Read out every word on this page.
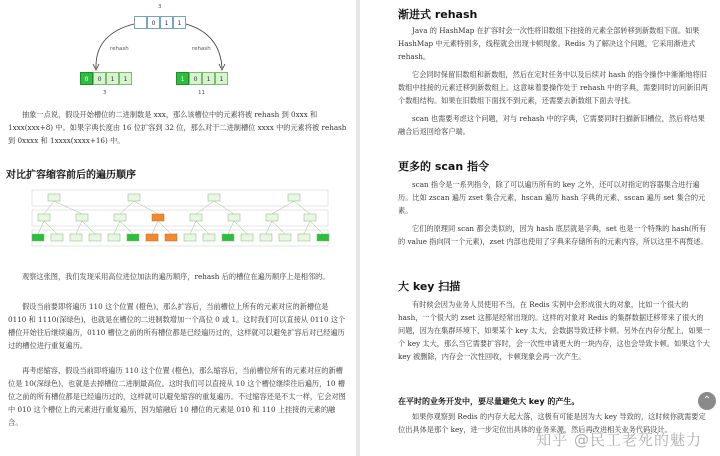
3
0	1	1
rehash	rehash
0	0	1	1
3
1	0	1	1
11

抽象一点说，假设开始槽位的二进制数是 xxx，那么该槽位中的元素将被 rehash 到 0xxx 和 1xxx(xxx+8) 中。如果字典长度由 16 位扩容到 32 位，那么对于二进制槽位 xxxx 中的元素将被 rehash 到 0xxxx 和 1xxxx(xxxx+16) 中。

对比扩容缩容前后的遍历顺序

观察这张图，我们发现采用高位进位加法的遍历顺序，rehash 后的槽位在遍历顺序上是相邻的。

假设当前要即将遍历 110 这个位置 (橙色)，那么扩容后，当前槽位上所有的元素对应的新槽位是 0110 和 1110(深绿色)，也就是在槽位的二进制数增加一个高位 0 或 1。这时我们可以直接从 0110 这个槽位开始往后继续遍历，0110 槽位之前的所有槽位都是已经遍历过的，这样就可以避免扩容后对已经遍历过的槽位进行重复遍历。

再考虑缩容，假设当前即将遍历 110 这个位置 (橙色)，那么缩容后，当前槽位所有的元素对应的新槽位是 10(深绿色)，也就是去掉槽位二进制最高位。这时我们可以直接从 10 这个槽位继续往后遍历，10 槽位之前的所有槽位都是已经遍历过的，这样就可以避免缩容的重复遍历。不过缩容还是不太一样，它会对图中 010 这个槽位上的元素进行重复遍历，因为缩融后 10 槽位的元素是 010 和 110 上挂接的元素的融合。

渐进式 rehash

Java 的 HashMap 在扩容时会一次性将旧数组下挂接的元素全部转移到新数组下面。如果 HashMap 中元素特别多，线程就会出现卡顿现象。Redis 为了解决这个问题，它采用渐进式 rehash。

它会同时保留旧数组和新数组，然后在定时任务中以及后续对 hash 的指令操作中渐渐地将旧数组中挂接的元素迁移到新数组上。这意味着要操作处于 rehash 中的字典，需要同时访问新旧两个数组结构。如果在旧数组下面找不到元素，还需要去新数组下面去寻找。

scan 也需要考虑这个问题，对与 rehash 中的字典，它需要同时扫描新旧槽位，然后将结果融合后返回给客户端。

更多的 scan 指令

scan 指令是一系列指令，除了可以遍历所有的 key 之外，还可以对指定的容器集合进行遍历。比如 zscan 遍历 zset 集合元素，hscan 遍历 hash 字典的元素、sscan 遍历 set 集合的元素。

它们的原理同 scan 都会类似的，因为 hash 底层就是字典，set 也是一个特殊的 hash(所有的 value 指向同一个元素)，zset 内部也使用了字典来存储所有的元素内容，所以这里不再赘述。

大 key 扫描

有时候会因为业务人员使用不当，在 Redis 实例中会形成很大的对象，比如一个很大的 hash，一个很大的 zset 这都是经常出现的。这样的对象对 Redis 的集群数据迁移带来了很大的问题，因为在集群环境下，如果某个 key 太大，会数据导致迁移卡顿。另外在内存分配上，如果一个 key 太大，那么当它需要扩容时，会一次性申请更大的一块内存，这也会导致卡顿。如果这个大 key 被删除，内存会一次性回收，卡顿现象会再一次产生。

在平时的业务开发中，要尽量避免大 key 的产生。

如果你观察到 Redis 的内存大起大落，这极有可能是因为大 key 导致的，这时候你就需要定位出具体是那个 key，进一步定位出具体的业务来源，然后再改进相关业务代码设计。

⌃
知乎 @民工老死的魅力
